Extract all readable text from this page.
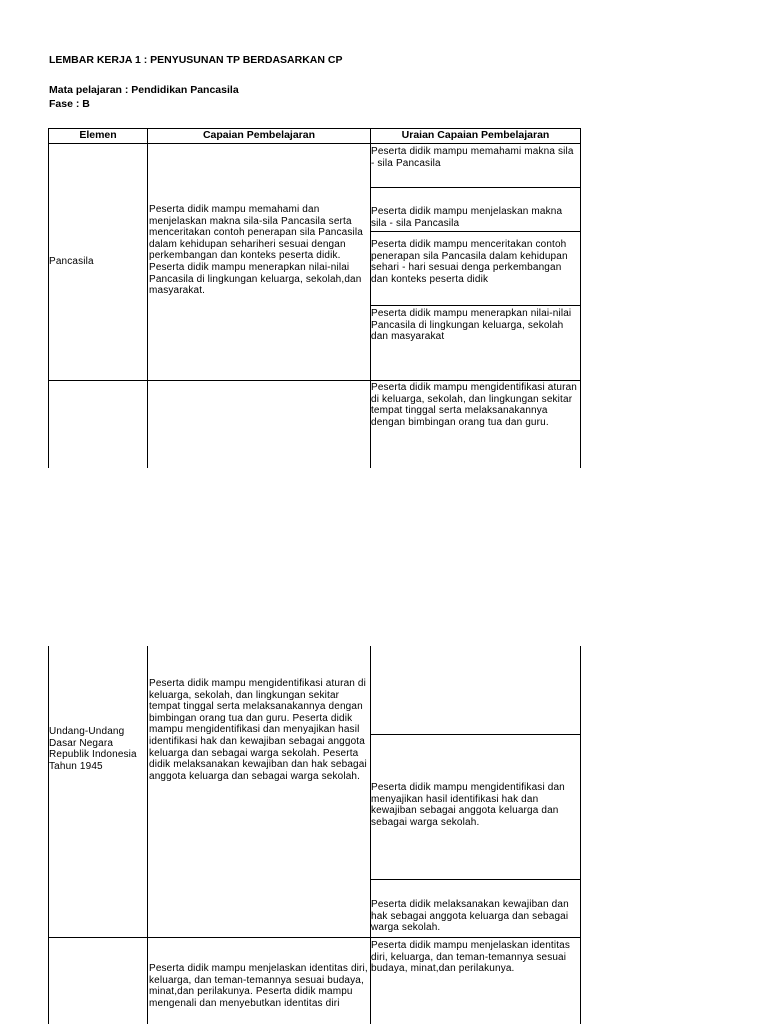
LEMBAR KERJA 1 : PENYUSUNAN TP BERDASARKAN CP
Mata pelajaran : Pendidikan Pancasila
Fase : B
Elemen	Capaian Pembelajaran	Uraian Capaian Pembelajaran
Pancasila
Peserta didik mampu memahami dan menjelaskan makna sila-sila Pancasila serta menceritakan contoh penerapan sila Pancasila dalam kehidupan sehariheri sesuai dengan perkembangan dan konteks peserta didik. Peserta didik mampu menerapkan nilai-nilai Pancasila di lingkungan keluarga, sekolah,dan masyarakat.
Peserta didik mampu memahami makna sila - sila Pancasila
Peserta didik mampu menjelaskan makna sila - sila Pancasila
Peserta didik mampu menceritakan contoh penerapan sila Pancasila dalam kehidupan sehari - hari sesuai denga perkembangan dan konteks peserta didik
Peserta didik mampu menerapkan nilai-nilai Pancasila di lingkungan keluarga, sekolah dan masyarakat
Peserta didik mampu mengidentifikasi aturan di keluarga, sekolah, dan lingkungan sekitar tempat tinggal serta melaksanakannya dengan bimbingan orang tua dan guru.
Undang-Undang Dasar Negara Republik Indonesia Tahun 1945
Peserta didik mampu mengidentifikasi aturan di keluarga, sekolah, dan lingkungan sekitar tempat tinggal serta melaksanakannya dengan bimbingan orang tua dan guru. Peserta didik mampu mengidentifikasi dan menyajikan hasil identifikasi hak dan kewajiban sebagai anggota keluarga dan sebagai warga sekolah. Peserta didik melaksanakan kewajiban dan hak sebagai anggota keluarga dan sebagai warga sekolah.
Peserta didik mampu mengidentifikasi dan menyajikan hasil identifikasi hak dan kewajiban sebagai anggota keluarga dan sebagai warga sekolah.
Peserta didik melaksanakan kewajiban dan hak sebagai anggota keluarga dan sebagai warga sekolah.
Peserta didik mampu menjelaskan identitas diri, keluarga, dan teman-temannya sesuai budaya, minat,dan perilakunya.
Peserta didik mampu menjelaskan identitas diri, keluarga, dan teman-temannya sesuai budaya, minat,dan perilakunya. Peserta didik mampu mengenali dan menyebutkan identitas diri
